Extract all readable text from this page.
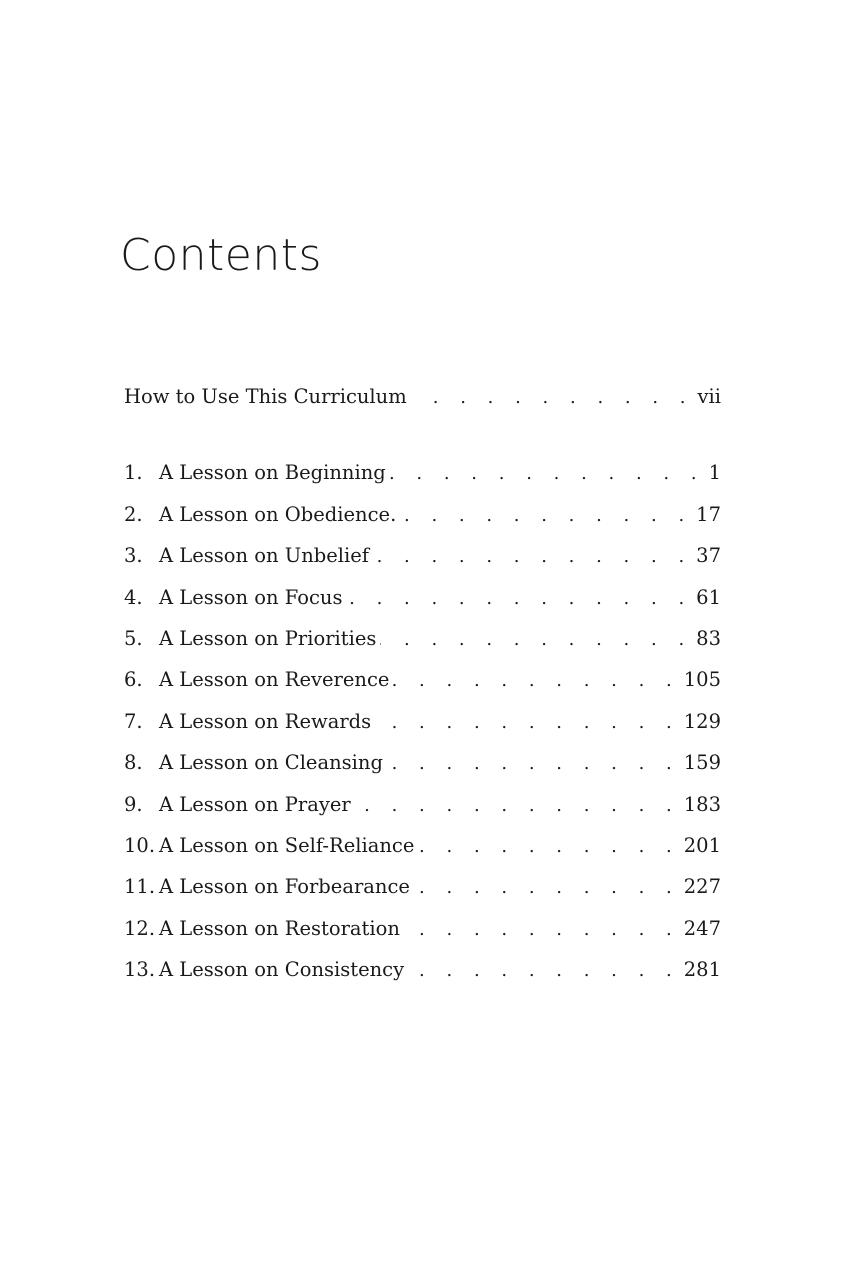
Contents
How to Use This Curriculum . . .	vii
1. A Lesson on Beginning . . .	1
2. A Lesson on Obedience. . . .	17
3. A Lesson on Unbelief . . .	37
4. A Lesson on Focus . . .	61
5. A Lesson on Priorities . . .	83
6. A Lesson on Reverence . . .	105
7. A Lesson on Rewards . . .	129
8. A Lesson on Cleansing . . .	159
9. A Lesson on Prayer . . .	183
10. A Lesson on Self-Reliance . . .	201
11. A Lesson on Forbearance . . .	227
12. A Lesson on Restoration . . .	247
13. A Lesson on Consistency . . .	281
